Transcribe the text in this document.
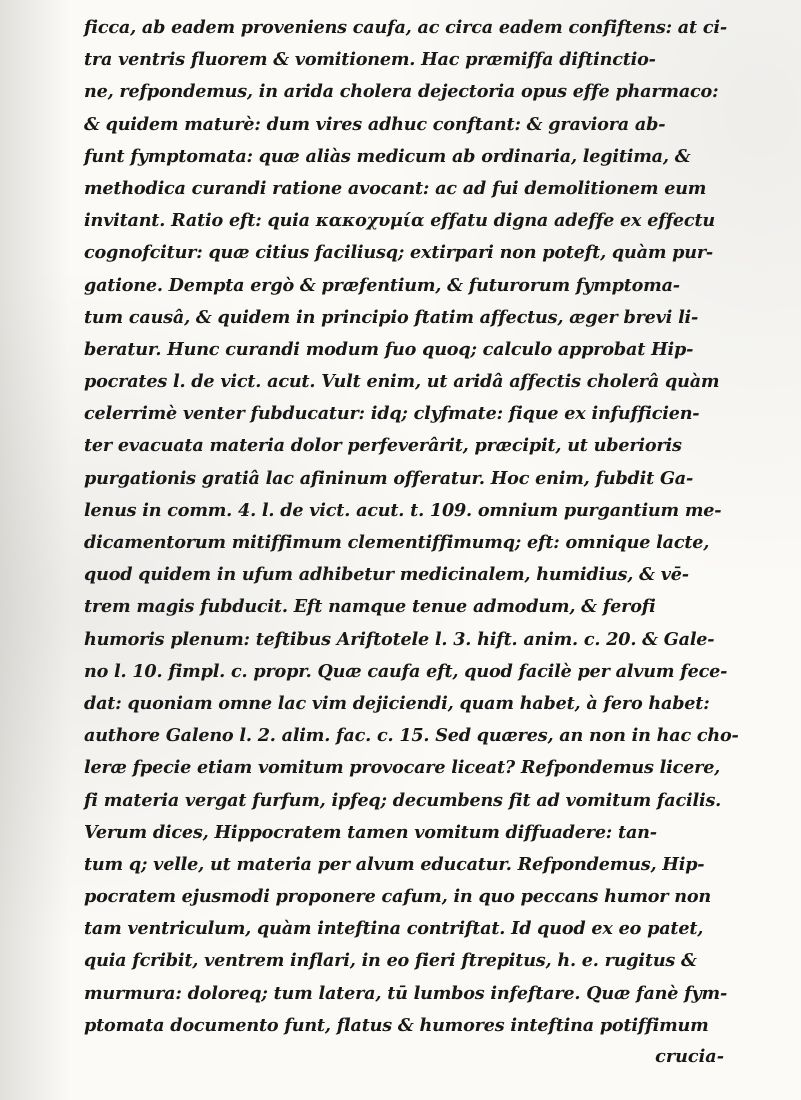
ficca, ab eadem proveniens caufa, ac circa eadem confiftens: at ci-
tra ventris fluorem & vomitionem. Hac præmiffa diftinctio-
ne, refpondemus, in arida cholera dejectoria opus effe pharmaco:
& quidem maturè: dum vires adhuc conftant: & graviora ab-
funt fymptomata: quæ aliàs medicum ab ordinaria, legitima, &
methodica curandi ratione avocant: ac ad fui demolitionem eum
invitant. Ratio eft: quia κακοχυμία effatu digna adeffe ex effectu
cognofcitur: quæ citius faciliusq; extirpari non poteft, quàm pur-
gatione. Dempta ergò & præfentium, & futurorum fymptoma-
tum causâ, & quidem in principio ftatim affectus, æger brevi li-
beratur. Hunc curandi modum fuo quoq; calculo approbat Hip-
pocrates l. de vict. acut. Vult enim, ut aridâ affectis cholerâ quàm
celerrimè venter fubducatur: idq; clyfmate: fique ex infufficien-
ter evacuata materia dolor perfeverârit, præcipit, ut uberioris
purgationis gratiâ lac afininum offeratur. Hoc enim, fubdit Ga-
lenus in comm. 4. l. de vict. acut. t. 109. omnium purgantium me-
dicamentorum mitiffimum clementiffimumq; eft: omnique lacte,
quod quidem in ufum adhibetur medicinalem, humidius, & vē-
trem magis fubducit. Eft namque tenue admodum, & ferofi
humoris plenum: teftibus Ariftotele l. 3. hift. anim. c. 20. & Gale-
no l. 10. fimpl. c. propr. Quæ caufa eft, quod facilè per alvum fece-
dat: quoniam omne lac vim dejiciendi, quam habet, à fero habet:
authore Galeno l. 2. alim. fac. c. 15. Sed quæres, an non in hac cho-
leræ fpecie etiam vomitum provocare liceat? Refpondemus licere,
fi materia vergat furfum, ipfeq; decumbens fit ad vomitum facilis.
Verum dices, Hippocratem tamen vomitum diffuadere: tan-
tum q; velle, ut materia per alvum educatur. Refpondemus, Hip-
pocratem ejusmodi proponere cafum, in quo peccans humor non
tam ventriculum, quàm inteftina contriftat. Id quod ex eo patet,
quia fcribit, ventrem inflari, in eo fieri ftrepitus, h. e. rugitus &
murmura: doloreq; tum latera, tū lumbos infeftare. Quæ fanè fym-
ptomata documento funt, flatus & humores inteftina potiffimum
crucia-
